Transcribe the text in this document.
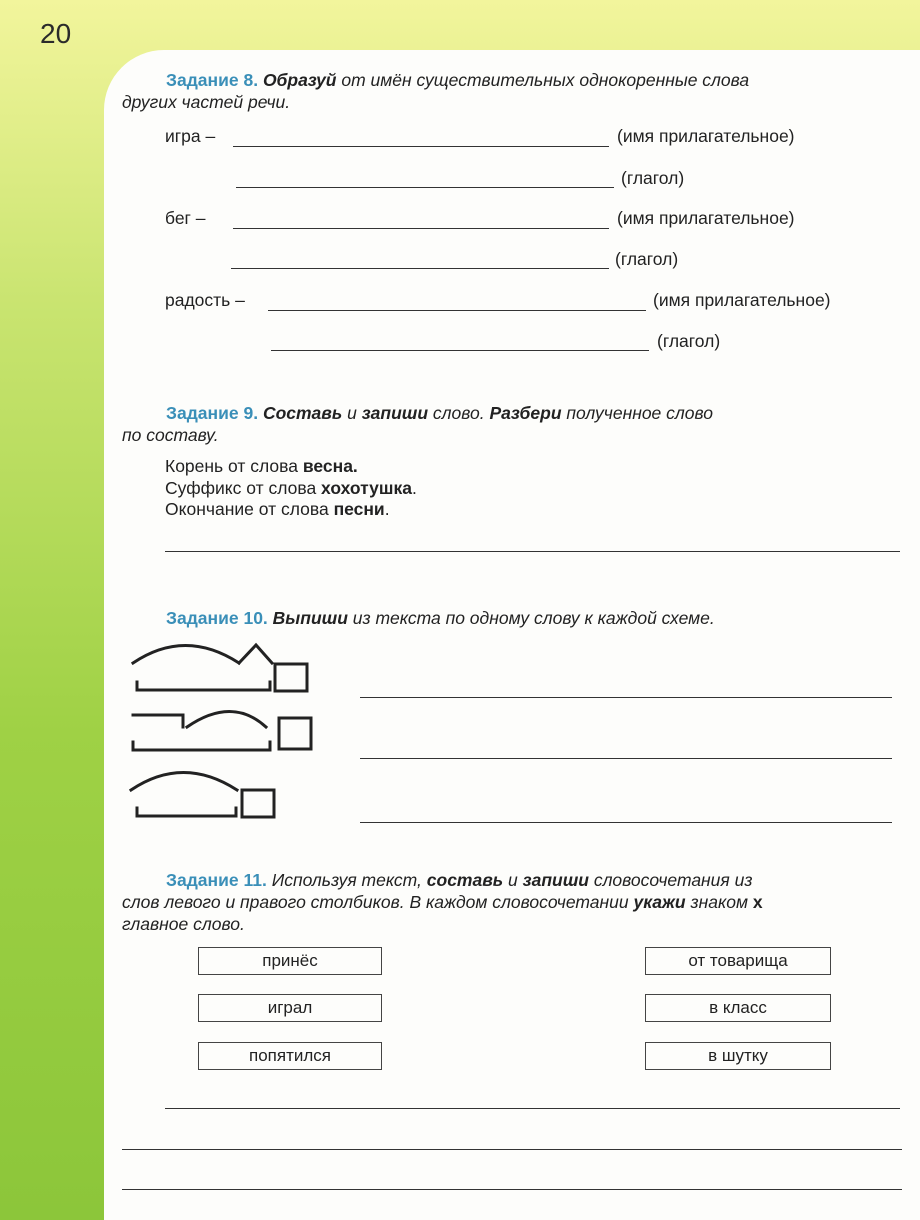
20
Задание 8. Образуй от имён существительных однокоренные слова
других частей речи.
игра –	(имя прилагательное)
(глагол)
бег –	(имя прилагательное)
(глагол)
радость –	(имя прилагательное)
(глагол)
Задание 9. Составь и запиши слово. Разбери полученное слово
по составу.
Корень от слова весна.
Суффикс от слова хохотушка.
Окончание от слова песни.
Задание 10. Выпиши из текста по одному слову к каждой схеме.
Задание 11. Используя текст, составь и запиши словосочетания из
слов левого и правого столбиков. В каждом словосочетании укажи знаком x
главное слово.
принёс
играл
попятился
от товарища
в класс
в шутку
